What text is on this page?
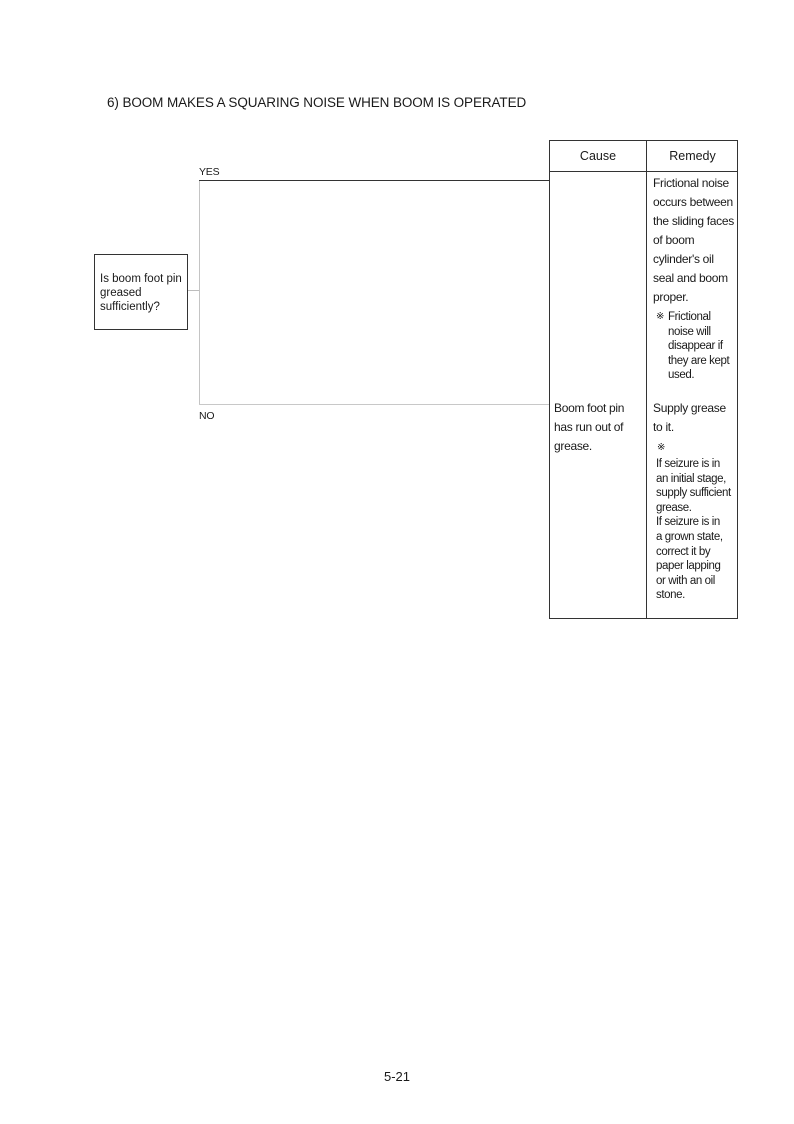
6) BOOM MAKES A SQUARING NOISE WHEN BOOM IS OPERATED
Is boom foot pin
greased
sufficiently?
YES
NO
Cause	Remedy
Frictional noise
occurs between
the sliding faces
of boom
cylinder's oil
seal and boom
proper.
※ Frictional
noise will
disappear if
they are kept
used.
Boom foot pin
has run out of
grease.
Supply grease
to it.
※
If seizure is in
an initial stage,
supply sufficient
grease.
If seizure is in
a grown state,
correct it by
paper lapping
or with an oil
stone.
5-21
